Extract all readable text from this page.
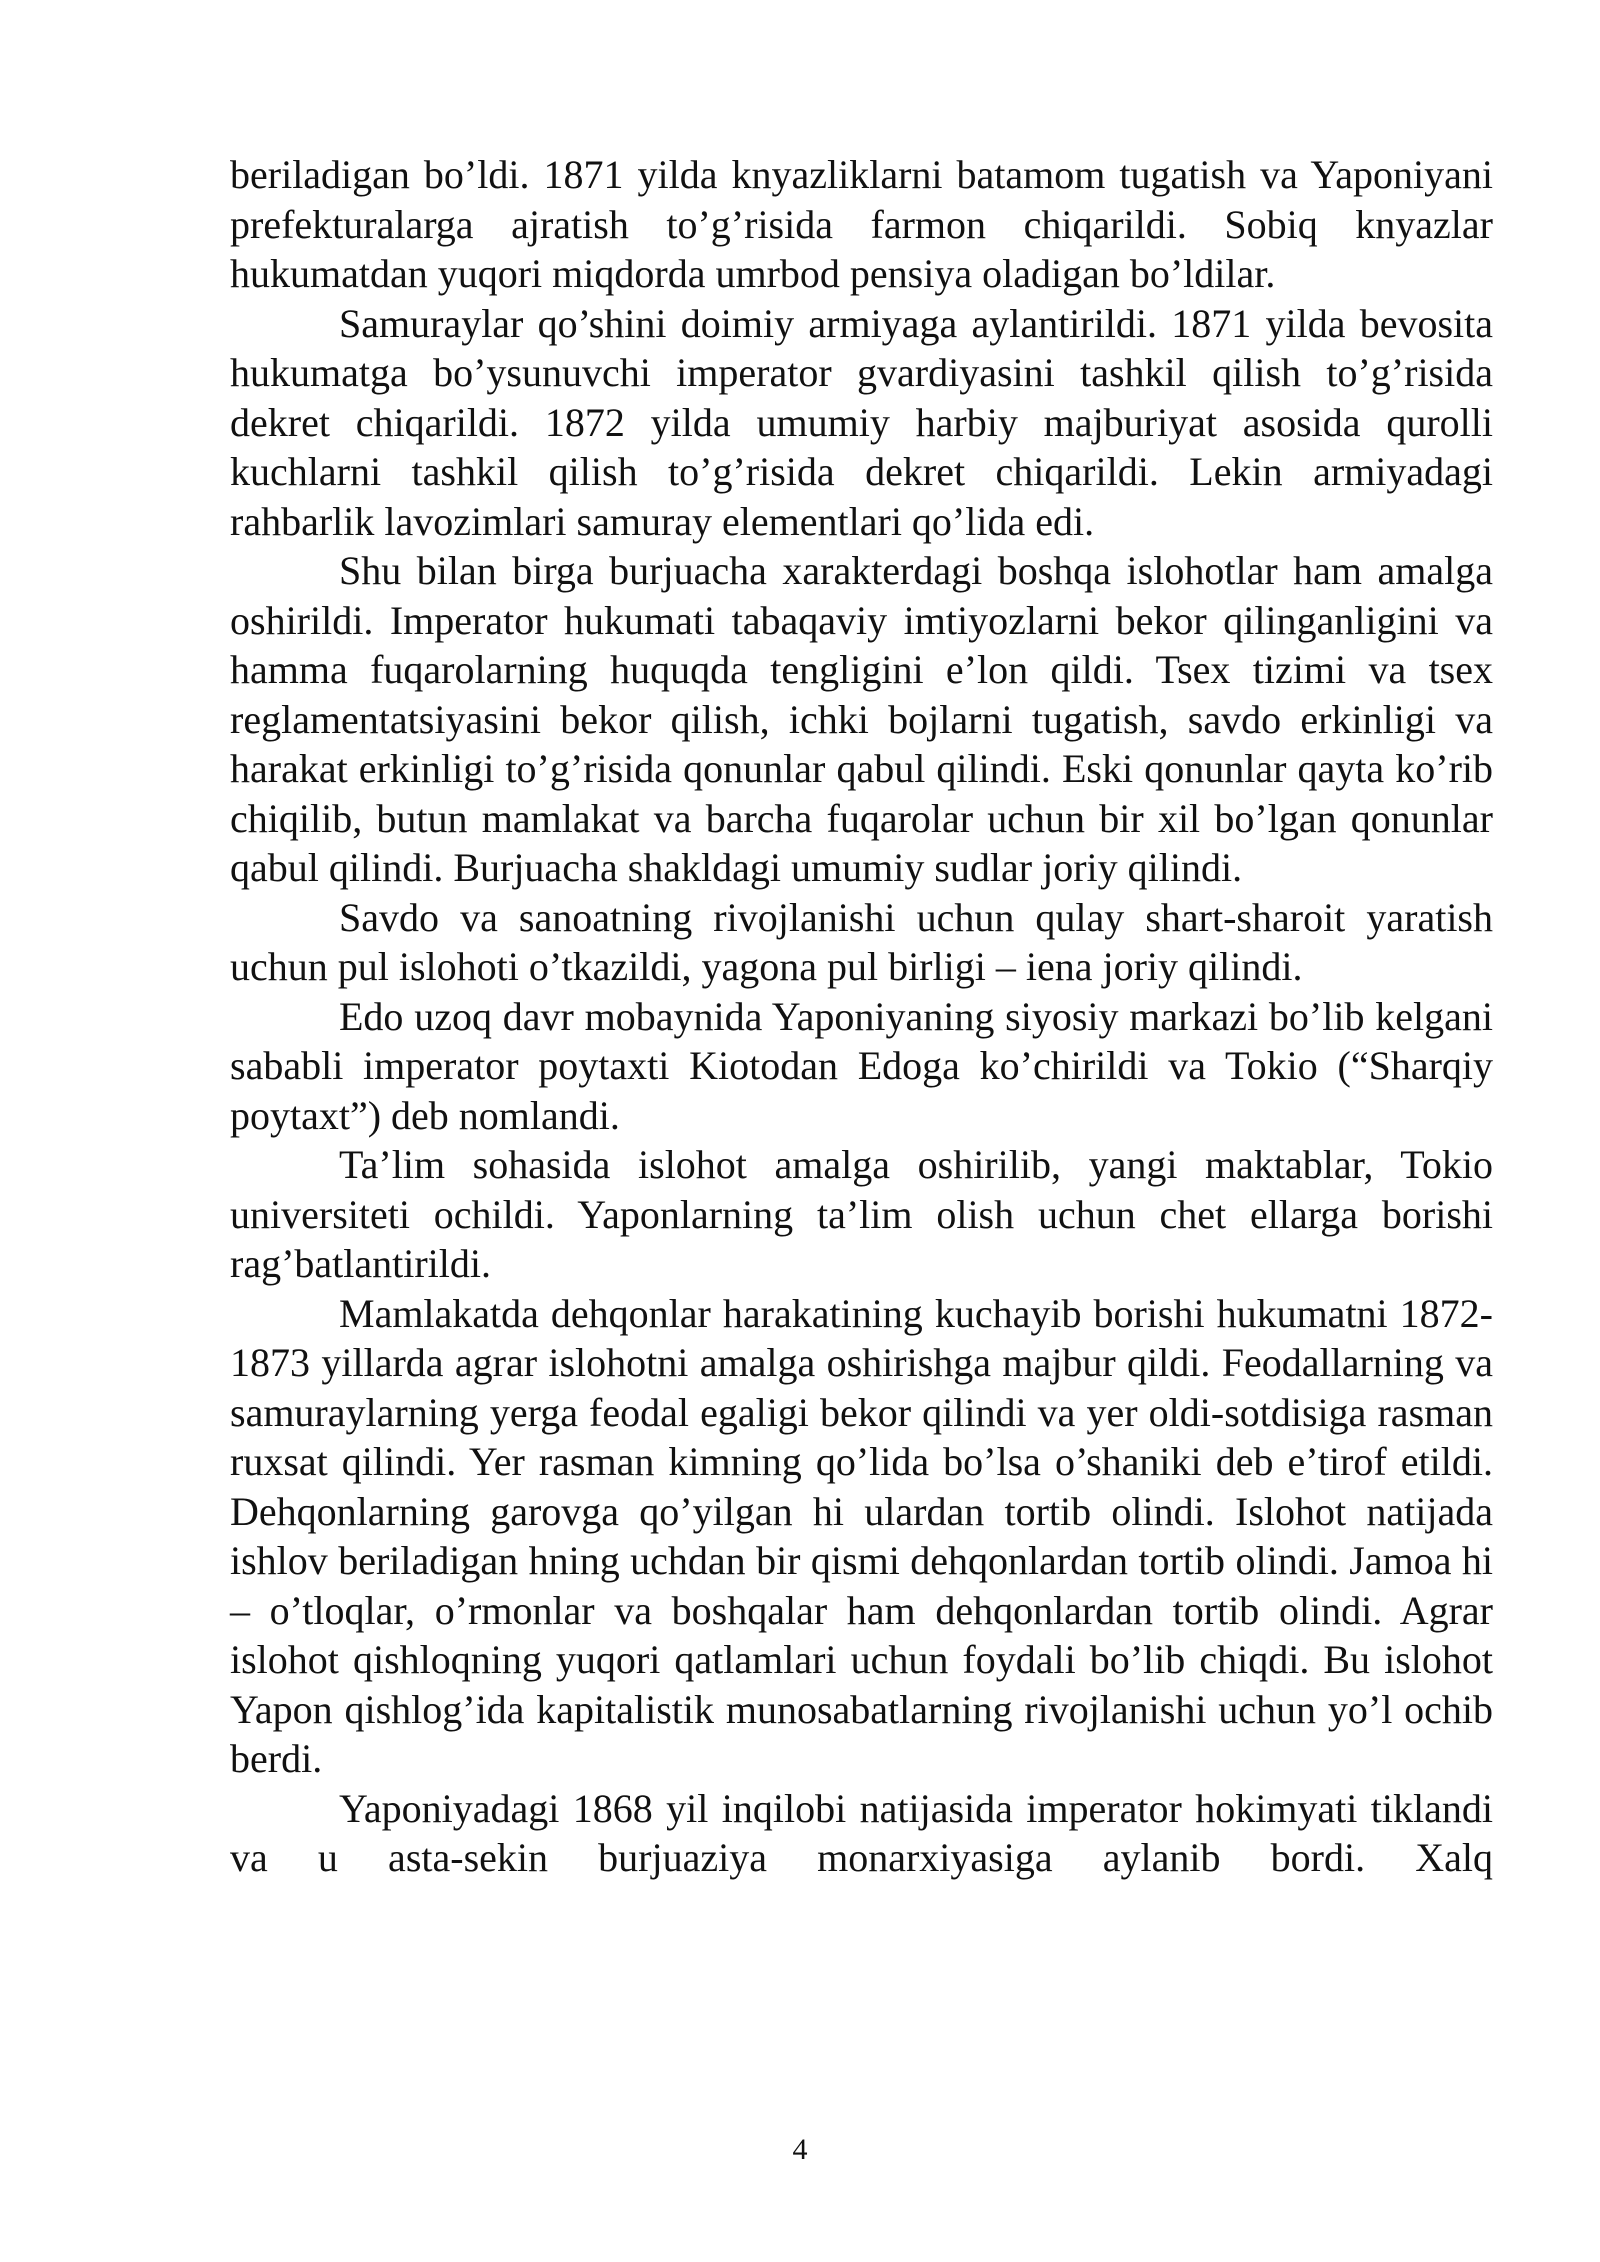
beriladigan bo’ldi. 1871 yilda knyazliklarni batamom tugatish va Yaponiyani prefekturalarga ajratish to’g’risida farmon chiqarildi. Sobiq knyazlar hukumatdan yuqori miqdorda umrbod pensiya oladigan bo’ldilar.

Samuraylar qo’shini doimiy armiyaga aylantirildi. 1871 yilda bevosita hukumatga bo’ysunuvchi imperator gvardiyasini tashkil qilish to’g’risida dekret chiqarildi. 1872 yilda umumiy harbiy majburiyat asosida qurolli kuchlarni tashkil qilish to’g’risida dekret chiqarildi. Lekin armiyadagi rahbarlik lavozimlari samuray elementlari qo’lida edi.

Shu bilan birga burjuacha xarakterdagi boshqa islohotlar ham amalga oshirildi. Imperator hukumati tabaqaviy imtiyozlarni bekor qilinganligini va hamma fuqarolarning huquqda tengligini e’lon qildi. Tsex tizimi va tsex reglamentatsiyasini bekor qilish, ichki bojlarni tugatish, savdo erkinligi va harakat erkinligi to’g’risida qonunlar qabul qilindi. Eski qonunlar qayta ko’rib chiqilib, butun mamlakat va barcha fuqarolar uchun bir xil bo’lgan qonunlar qabul qilindi. Burjuacha shakldagi umumiy sudlar joriy qilindi.

Savdo va sanoatning rivojlanishi uchun qulay shart-sharoit yaratish uchun pul islohoti o’tkazildi, yagona pul birligi – iena joriy qilindi.

Edo uzoq davr mobaynida Yaponiyaning siyosiy markazi bo’lib kelgani sababli imperator poytaxti Kiotodan Edoga ko’chirildi va Tokio (“Sharqiy poytaxt”) deb nomlandi.

Ta’lim sohasida islohot amalga oshirilib, yangi maktablar, Tokio universiteti ochildi. Yaponlarning ta’lim olish uchun chet ellarga borishi rag’batlantirildi.

Mamlakatda dehqonlar harakatining kuchayib borishi hukumatni 1872-1873 yillarda agrar islohotni amalga oshirishga majbur qildi. Feodallarning va samuraylarning yerga feodal egaligi bekor qilindi va yer oldi-sotdisiga rasman ruxsat qilindi. Yer rasman kimning qo’lida bo’lsa o’shaniki deb e’tirof etildi. Dehqonlarning garovga qo’yilgan hi ulardan tortib olindi. Islohot natijada ishlov beriladigan hning uchdan bir qismi dehqonlardan tortib olindi. Jamoa hi – o’tloqlar, o’rmonlar va boshqalar ham dehqonlardan tortib olindi. Agrar islohot qishloqning yuqori qatlamlari uchun foydali bo’lib chiqdi. Bu islohot Yapon qishlog’ida kapitalistik munosabatlarning rivojlanishi uchun yo’l ochib berdi.

Yaponiyadagi 1868 yil inqilobi natijasida imperator hokimyati tiklandi va u asta-sekin burjuaziya monarxiyasiga aylanib bordi. Xalq

4
